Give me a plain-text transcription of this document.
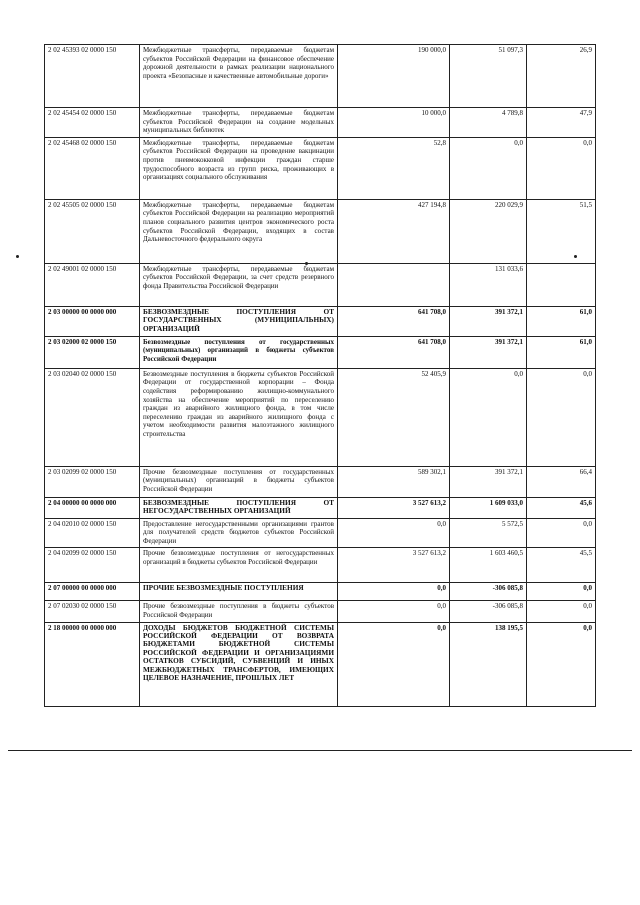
2 02 45393 02 0000 150	Межбюджетные трансферты, передаваемые бюджетам субъектов Российской Федерации на финансовое обеспечение дорожной деятельности в рамках реализации национального проекта «Безопасные и качественные автомобильные дороги»	190 000,0	51 097,3	26,9
2 02 45454 02 0000 150	Межбюджетные трансферты, передаваемые бюджетам субъектов Российской Федерации на создание модельных муниципальных библиотек	10 000,0	4 789,8	47,9
2 02 45468 02 0000 150	Межбюджетные трансферты, передаваемые бюджетам субъектов Российской Федерации на проведение вакцинации против пневмококковой инфекции граждан старше трудоспособного возраста из групп риска, проживающих в организациях социального обслуживания	52,8	0,0	0,0
2 02 45505 02 0000 150	Межбюджетные трансферты, передаваемые бюджетам субъектов Российской Федерации на реализацию мероприятий планов социального развития центров экономического роста субъектов Российской Федерации, входящих в состав Дальневосточного федерального округа	427 194,8	220 029,9	51,5
2 02 49001 02 0000 150	Межбюджетные трансферты, передаваемые бюджетам субъектов Российской Федерации, за счет средств резервного фонда Правительства Российской Федерации		131 033,6	
2 03 00000 00 0000 000	БЕЗВОЗМЕЗДНЫЕ ПОСТУПЛЕНИЯ ОТ ГОСУДАРСТВЕННЫХ (МУНИЦИПАЛЬНЫХ) ОРГАНИЗАЦИЙ	641 708,0	391 372,1	61,0
2 03 02000 02 0000 150	Безвозмездные поступления от государственных (муниципальных) организаций в бюджеты субъектов Российской Федерации	641 708,0	391 372,1	61,0
2 03 02040 02 0000 150	Безвозмездные поступления в бюджеты субъектов Российской Федерации от государственной корпорации – Фонда содействия реформированию жилищно-коммунального хозяйства на обеспечение мероприятий по переселению граждан из аварийного жилищного фонда, в том числе переселению граждан из аварийного жилищного фонда с учетом необходимости развития малоэтажного жилищного строительства	52 405,9	0,0	0,0
2 03 02099 02 0000 150	Прочие безвозмездные поступления от государственных (муниципальных) организаций в бюджеты субъектов Российской Федерации	589 302,1	391 372,1	66,4
2 04 00000 00 0000 000	БЕЗВОЗМЕЗДНЫЕ ПОСТУПЛЕНИЯ ОТ НЕГОСУДАРСТВЕННЫХ ОРГАНИЗАЦИЙ	3 527 613,2	1 609 033,0	45,6
2 04 02010 02 0000 150	Предоставление негосударственными организациями грантов для получателей средств бюджетов субъектов Российской Федерации	0,0	5 572,5	0,0
2 04 02099 02 0000 150	Прочие безвозмездные поступления от негосударственных организаций в бюджеты субъектов Российской Федерации	3 527 613,2	1 603 460,5	45,5
2 07 00000 00 0000 000	ПРОЧИЕ БЕЗВОЗМЕЗДНЫЕ ПОСТУПЛЕНИЯ	0,0	-306 085,8	0,0
2 07 02030 02 0000 150	Прочие безвозмездные поступления в бюджеты субъектов Российской Федерации	0,0	-306 085,8	0,0
2 18 00000 00 0000 000	ДОХОДЫ БЮДЖЕТОВ БЮДЖЕТНОЙ СИСТЕМЫ РОССИЙСКОЙ ФЕДЕРАЦИИ ОТ ВОЗВРАТА БЮДЖЕТАМИ БЮДЖЕТНОЙ СИСТЕМЫ РОССИЙСКОЙ ФЕДЕРАЦИИ И ОРГАНИЗАЦИЯМИ ОСТАТКОВ СУБСИДИЙ, СУБВЕНЦИЙ И ИНЫХ МЕЖБЮДЖЕТНЫХ ТРАНСФЕРТОВ, ИМЕЮЩИХ ЦЕЛЕВОЕ НАЗНАЧЕНИЕ, ПРОШЛЫХ ЛЕТ	0,0	138 195,5	0,0
